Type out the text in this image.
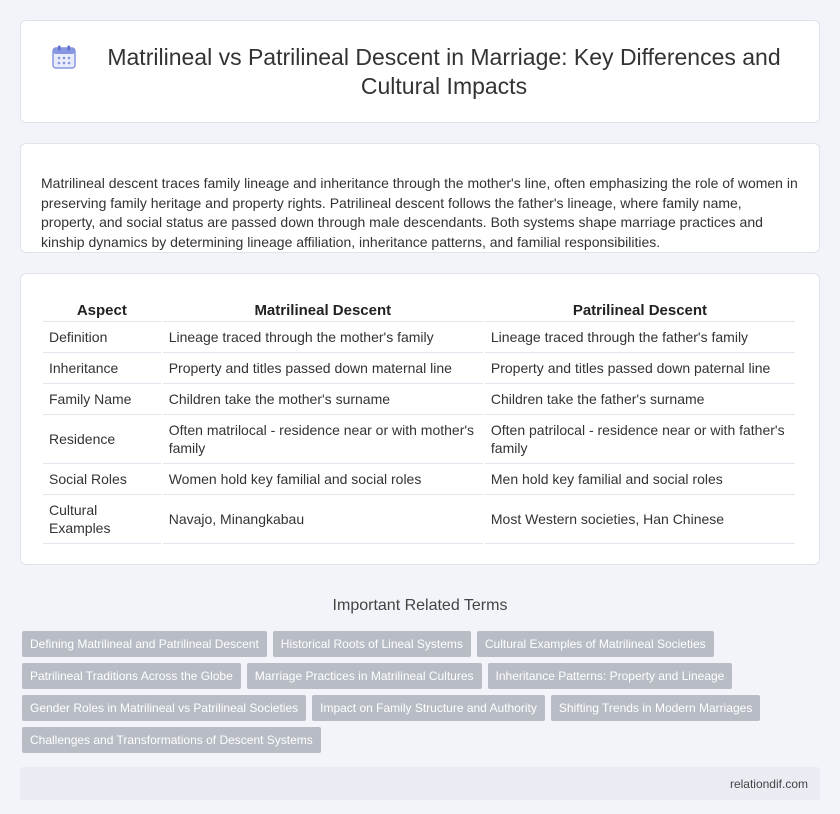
Matrilineal vs Patrilineal Descent in Marriage: Key Differences and Cultural Impacts

Matrilineal descent traces family lineage and inheritance through the mother's line, often emphasizing the role of women in preserving family heritage and property rights. Patrilineal descent follows the father's lineage, where family name, property, and social status are passed down through male descendants. Both systems shape marriage practices and kinship dynamics by determining lineage affiliation, inheritance patterns, and familial responsibilities.

Aspect	Matrilineal Descent	Patrilineal Descent
Definition	Lineage traced through the mother's family	Lineage traced through the father's family
Inheritance	Property and titles passed down maternal line	Property and titles passed down paternal line
Family Name	Children take the mother's surname	Children take the father's surname
Residence	Often matrilocal - residence near or with mother's family	Often patrilocal - residence near or with father's family
Social Roles	Women hold key familial and social roles	Men hold key familial and social roles
Cultural Examples	Navajo, Minangkabau	Most Western societies, Han Chinese
Important Related Terms
Defining Matrilineal and Patrilineal Descent	Historical Roots of Lineal Systems	Cultural Examples of Matrilineal Societies
Patrilineal Traditions Across the Globe	Marriage Practices in Matrilineal Cultures	Inheritance Patterns: Property and Lineage
Gender Roles in Matrilineal vs Patrilineal Societies	Impact on Family Structure and Authority	Shifting Trends in Modern Marriages
Challenges and Transformations of Descent Systems
relationdif.com
